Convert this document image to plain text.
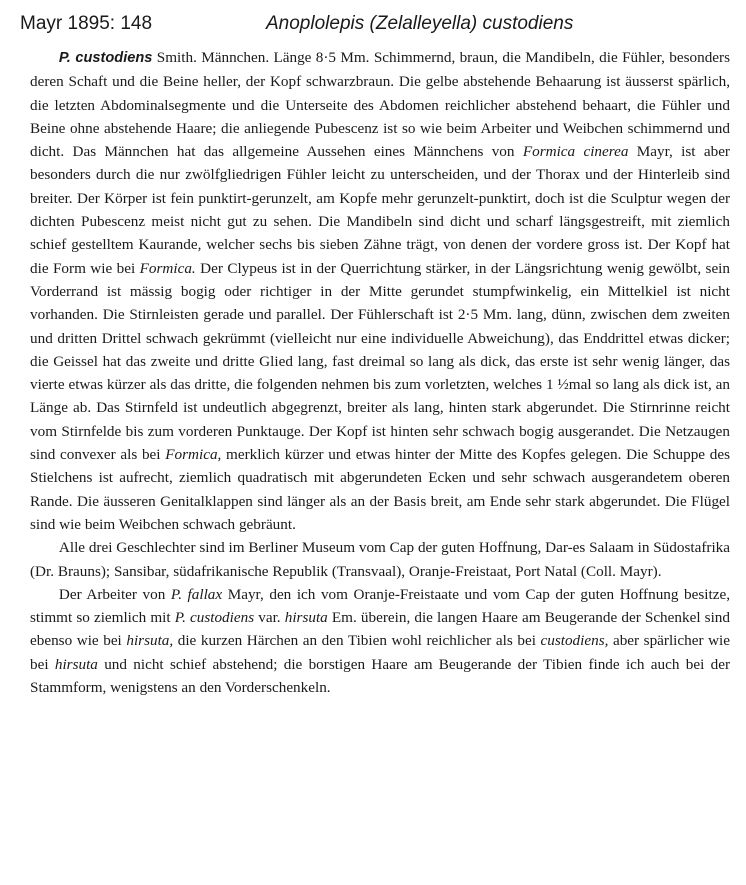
Mayr 1895: 148	Anoplolepis (Zelalleyella) custodiens

P. custodiens Smith. Männchen. Länge 8·5 Mm. Schimmernd, braun, die Mandibeln, die Fühler, besonders deren Schaft und die Beine heller, der Kopf schwarzbraun. Die gelbe abstehende Behaarung ist äusserst spärlich, die letzten Abdominalsegmente und die Unterseite des Abdomen reichlicher abstehend behaart, die Fühler und Beine ohne abstehende Haare; die anliegende Pubescenz ist so wie beim Arbeiter und Weibchen schimmernd und dicht. Das Männchen hat das allgemeine Aussehen eines Männchens von Formica cinerea Mayr, ist aber besonders durch die nur zwölfgliedrigen Fühler leicht zu unterscheiden, und der Thorax und der Hinterleib sind breiter. Der Körper ist fein punktirt-gerunzelt, am Kopfe mehr gerunzelt-punktirt, doch ist die Sculptur wegen der dichten Pubescenz meist nicht gut zu sehen. Die Mandibeln sind dicht und scharf längsgestreift, mit ziemlich schief gestelltem Kaurande, welcher sechs bis sieben Zähne trägt, von denen der vordere gross ist. Der Kopf hat die Form wie bei Formica. Der Clypeus ist in der Querrichtung stärker, in der Längsrichtung wenig gewölbt, sein Vorderrand ist mässig bogig oder richtiger in der Mitte gerundet stumpfwinkelig, ein Mittelkiel ist nicht vorhanden. Die Stirnleisten gerade und parallel. Der Fühlerschaft ist 2·5 Mm. lang, dünn, zwischen dem zweiten und dritten Drittel schwach gekrümmt (vielleicht nur eine individuelle Abweichung), das Enddrittel etwas dicker; die Geissel hat das zweite und dritte Glied lang, fast dreimal so lang als dick, das erste ist sehr wenig länger, das vierte etwas kürzer als das dritte, die folgenden nehmen bis zum vorletzten, welches 1 ½mal so lang als dick ist, an Länge ab. Das Stirnfeld ist undeutlich abgegrenzt, breiter als lang, hinten stark abgerundet. Die Stirnrinne reicht vom Stirnfelde bis zum vorderen Punktauge. Der Kopf ist hinten sehr schwach bogig ausgerandet. Die Netzaugen sind convexer als bei Formica, merklich kürzer und etwas hinter der Mitte des Kopfes gelegen. Die Schuppe des Stielchens ist aufrecht, ziemlich quadratisch mit abgerundeten Ecken und sehr schwach ausgerandetem oberen Rande. Die äusseren Genitalklappen sind länger als an der Basis breit, am Ende sehr stark abgerundet. Die Flügel sind wie beim Weibchen schwach gebräunt.

Alle drei Geschlechter sind im Berliner Museum vom Cap der guten Hoffnung, Dar-es Salaam in Südostafrika (Dr. Brauns); Sansibar, südafrikanische Republik (Transvaal), Oranje-Freistaat, Port Natal (Coll. Mayr).

Der Arbeiter von P. fallax Mayr, den ich vom Oranje-Freistaate und vom Cap der guten Hoffnung besitze, stimmt so ziemlich mit P. custodiens var. hirsuta Em. überein, die langen Haare am Beugerande der Schenkel sind ebenso wie bei hirsuta, die kurzen Härchen an den Tibien wohl reichlicher als bei custodiens, aber spärlicher wie bei hirsuta und nicht schief abstehend; die borstigen Haare am Beugerande der Tibien finde ich auch bei der Stammform, wenigstens an den Vorderschenkeln.
